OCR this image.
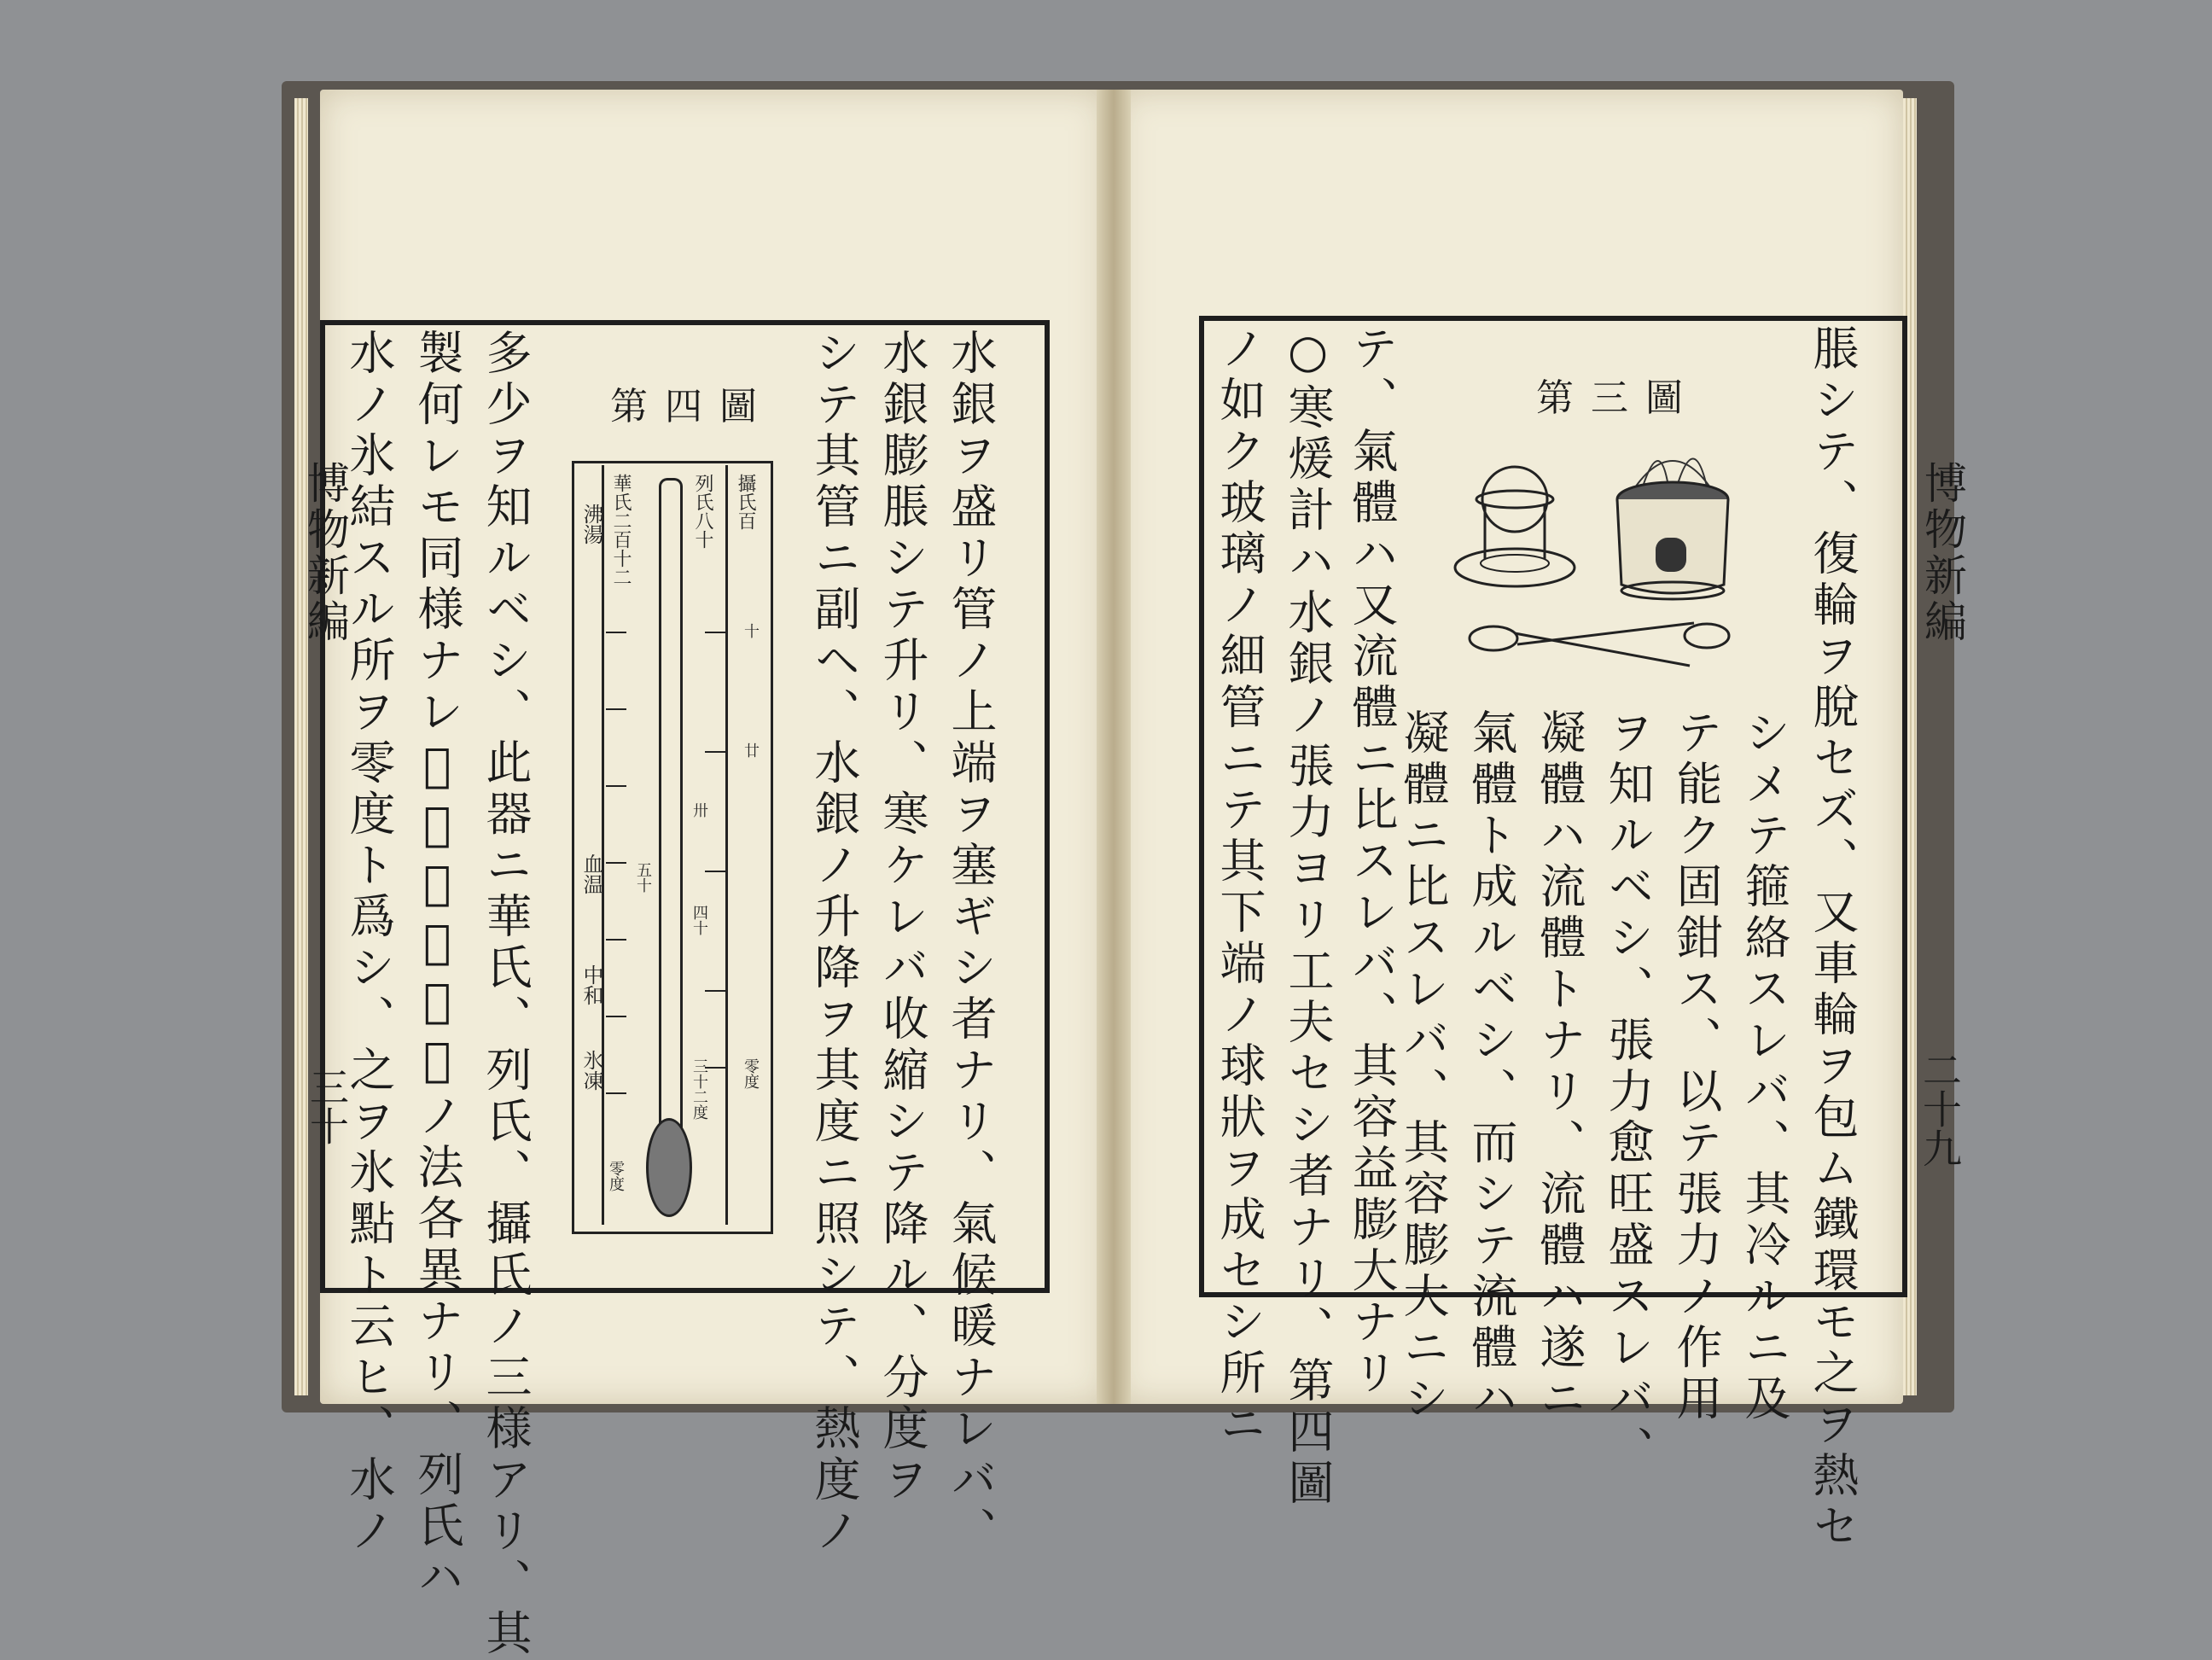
博物新編
三十	水銀ヲ盛リ管ノ上端ヲ塞ギシ者ナリ、氣候暖ナレバ、
水銀膨脹シテ升リ、寒ケレバ收縮シテ降ル、分度ヲ
シテ其管ニ副ヘ、水銀ノ升降ヲ其度ニ照シテ、熱度ノ
多少ヲ知ルベシ、此器ニ華氏、列氏、攝氏ノ三様アリ、其
製何レモ同様ナレ𪜈、但其劃度ノ法各異ナリ、列氏ハ
水ノ氷結スル所ヲ零度ト爲シ、之ヲ氷點ト云ヒ、水ノ	第四圖
攝氏百
列氏八十
華氏二百十二
十
廿
卅
四十
五十
零度
三十二度
零度
沸湯
血温
中和
氷凍
博物新編
二十九
脹シテ、復輪ヲ脫セズ、又車輪ヲ包ム鐵環モ之ヲ熱セ
テ、氣體ハ又流體ニ比スレバ、其容益膨大ナリ
○寒煖計ハ水銀ノ張力ヨリ工夫セシ者ナリ、第四圖
ノ如ク玻璃ノ細管ニテ其下端ノ球狀ヲ成セシ所ニ	シメテ箍絡スレバ、其冷ルニ及
テ能ク固鉗ス、以テ張力ノ作用
ヲ知ルベシ、張力愈旺盛スレバ、
凝體ハ流體トナリ、流體ハ遂ニ
氣體ト成ルベシ、而シテ流體ハ
凝體ニ比スレバ、其容膨大ニシ
第三圖
